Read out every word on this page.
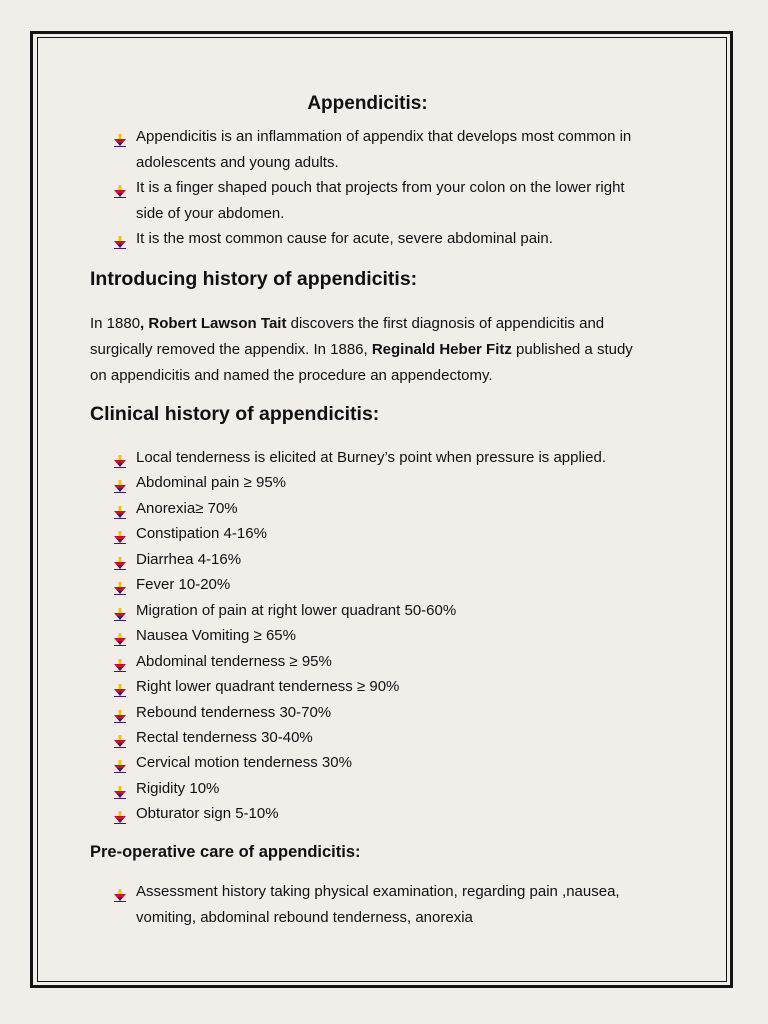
Appendicitis:
Appendicitis is an inflammation of appendix that develops most common in
adolescents and young adults.
It is a finger shaped pouch that projects from your colon on the lower right
side of your abdomen.
It is the most common cause for acute, severe abdominal pain.
Introducing history of appendicitis:
In 1880, Robert Lawson Tait discovers the first diagnosis of appendicitis and
surgically removed the appendix. In 1886, Reginald Heber Fitz published a study
on appendicitis and named the procedure an appendectomy.
Clinical history of appendicitis:
Local tenderness is elicited at Burney’s point when pressure is applied.
Abdominal pain ≥ 95%
Anorexia≥ 70%
Constipation 4-16%
Diarrhea 4-16%
Fever 10-20%
Migration of pain at right lower quadrant 50-60%
Nausea Vomiting ≥ 65%
Abdominal tenderness ≥ 95%
Right lower quadrant tenderness ≥ 90%
Rebound tenderness 30-70%
Rectal tenderness 30-40%
Cervical motion tenderness 30%
Rigidity 10%
Obturator sign 5-10%
Pre-operative care of appendicitis:
Assessment history taking physical examination, regarding pain ,nausea,
vomiting, abdominal rebound tenderness, anorexia
